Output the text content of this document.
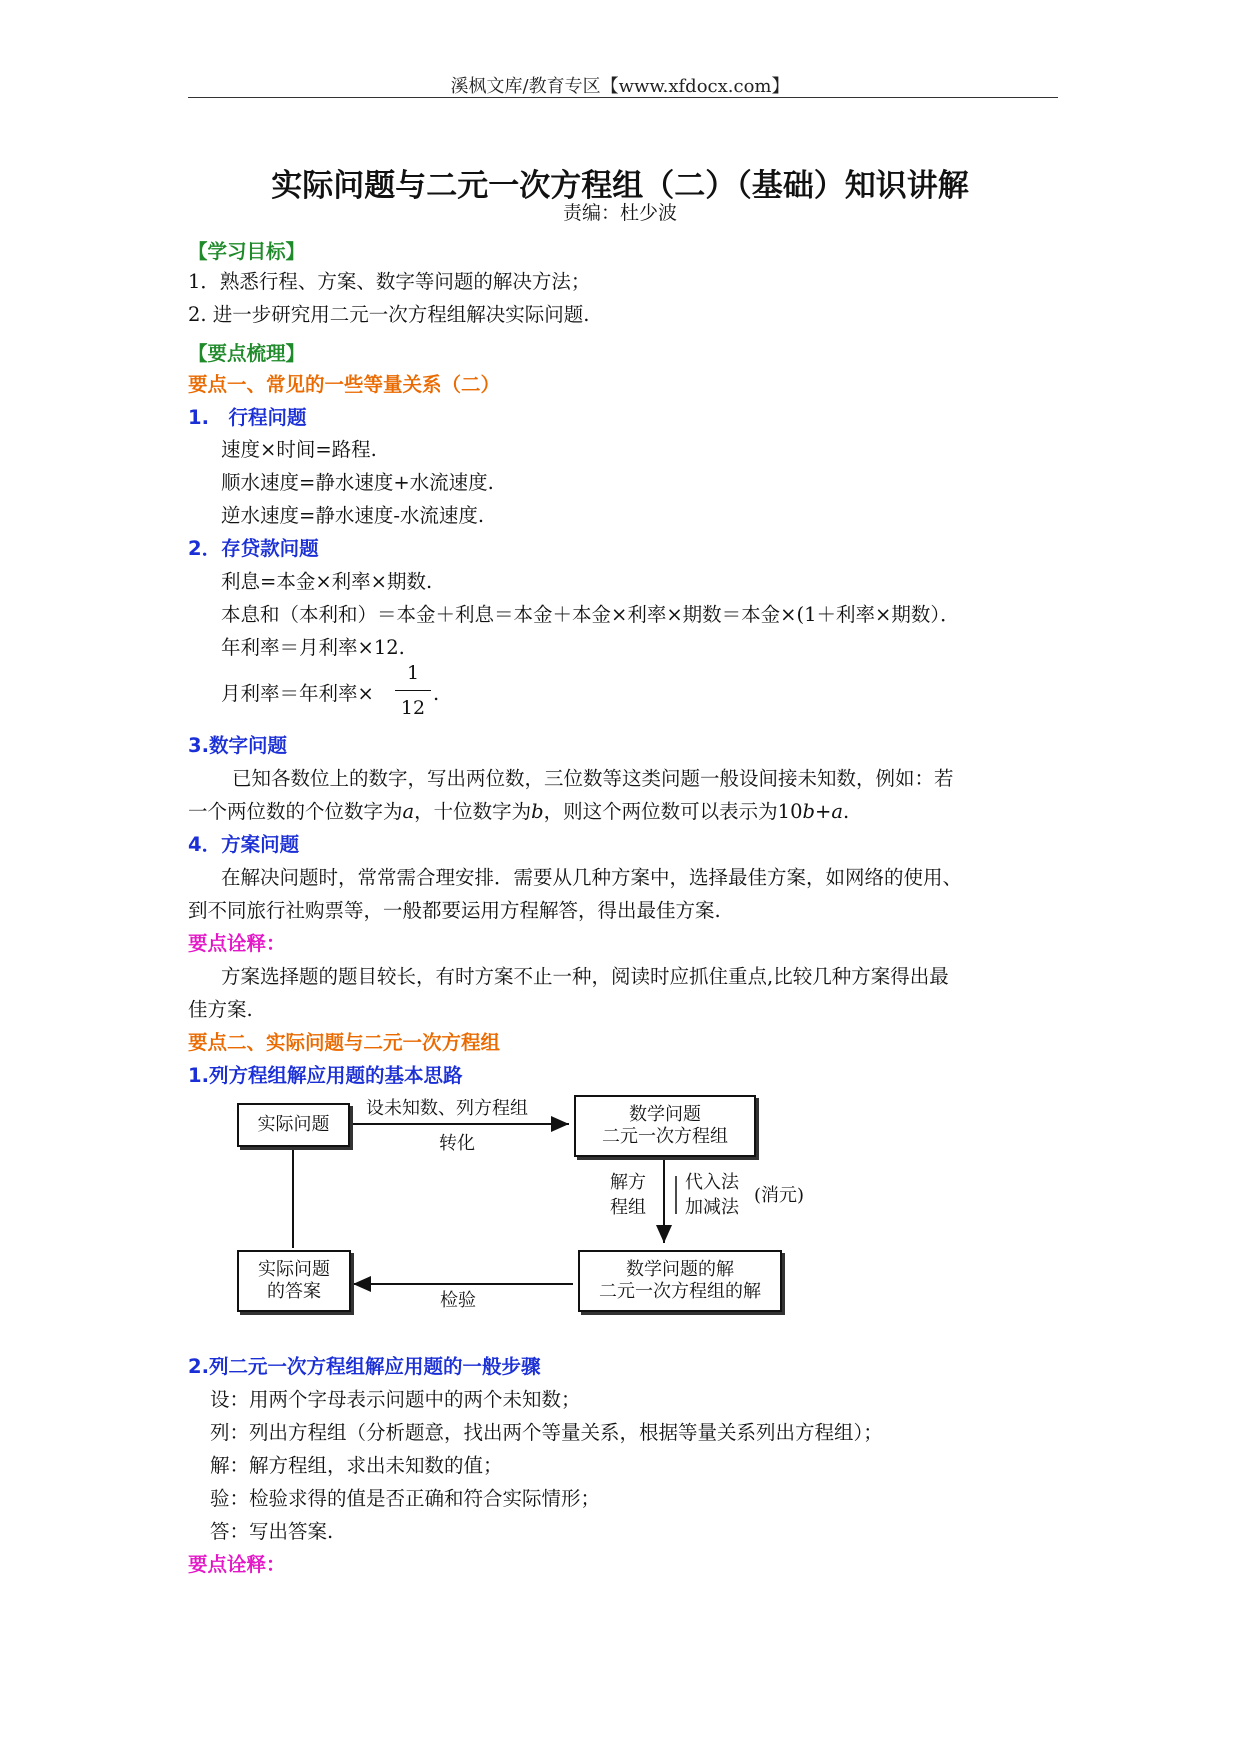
溪枫文库/教育专区【www.xfdocx.com】
实际问题与二元一次方程组（二）（基础）知识讲解
责编：杜少波
【学习目标】
1．熟悉行程、方案、数字等问题的解决方法；
2. 进一步研究用二元一次方程组解决实际问题.
【要点梳理】
要点一、常见的一些等量关系（二）
1.　行程问题
速度×时间=路程.
顺水速度=静水速度+水流速度.
逆水速度=静水速度-水流速度.
2．存贷款问题
利息=本金×利率×期数.
本息和（本利和）＝本金＋利息＝本金＋本金×利率×期数＝本金×(1＋利率×期数）．
年利率＝月利率×12.
月利率＝年利率×
1
12
.
3.数字问题
已知各数位上的数字，写出两位数，三位数等这类问题一般设间接未知数，例如：若
一个两位数的个位数字为a，十位数字为b，则这个两位数可以表示为10b+a.
4．方案问题
在解决问题时，常常需合理安排．需要从几种方案中，选择最佳方案，如网络的使用、
到不同旅行社购票等，一般都要运用方程解答，得出最佳方案.
要点诠释：
方案选择题的题目较长，有时方案不止一种，阅读时应抓住重点,比较几种方案得出最
佳方案.
要点二、实际问题与二元一次方程组
1.列方程组解应用题的基本思路
实际问题	数学问题
二元一次方程组
实际问题
的答案
数学问题的解
二元一次方程组的解
设未知数、列方程组
转化
解方
程组
代入法
加减法
(消元)
检验
2.列二元一次方程组解应用题的一般步骤
设：用两个字母表示问题中的两个未知数；
列：列出方程组（分析题意，找出两个等量关系，根据等量关系列出方程组）；
解：解方程组，求出未知数的值；
验：检验求得的值是否正确和符合实际情形；
答：写出答案.
要点诠释：
